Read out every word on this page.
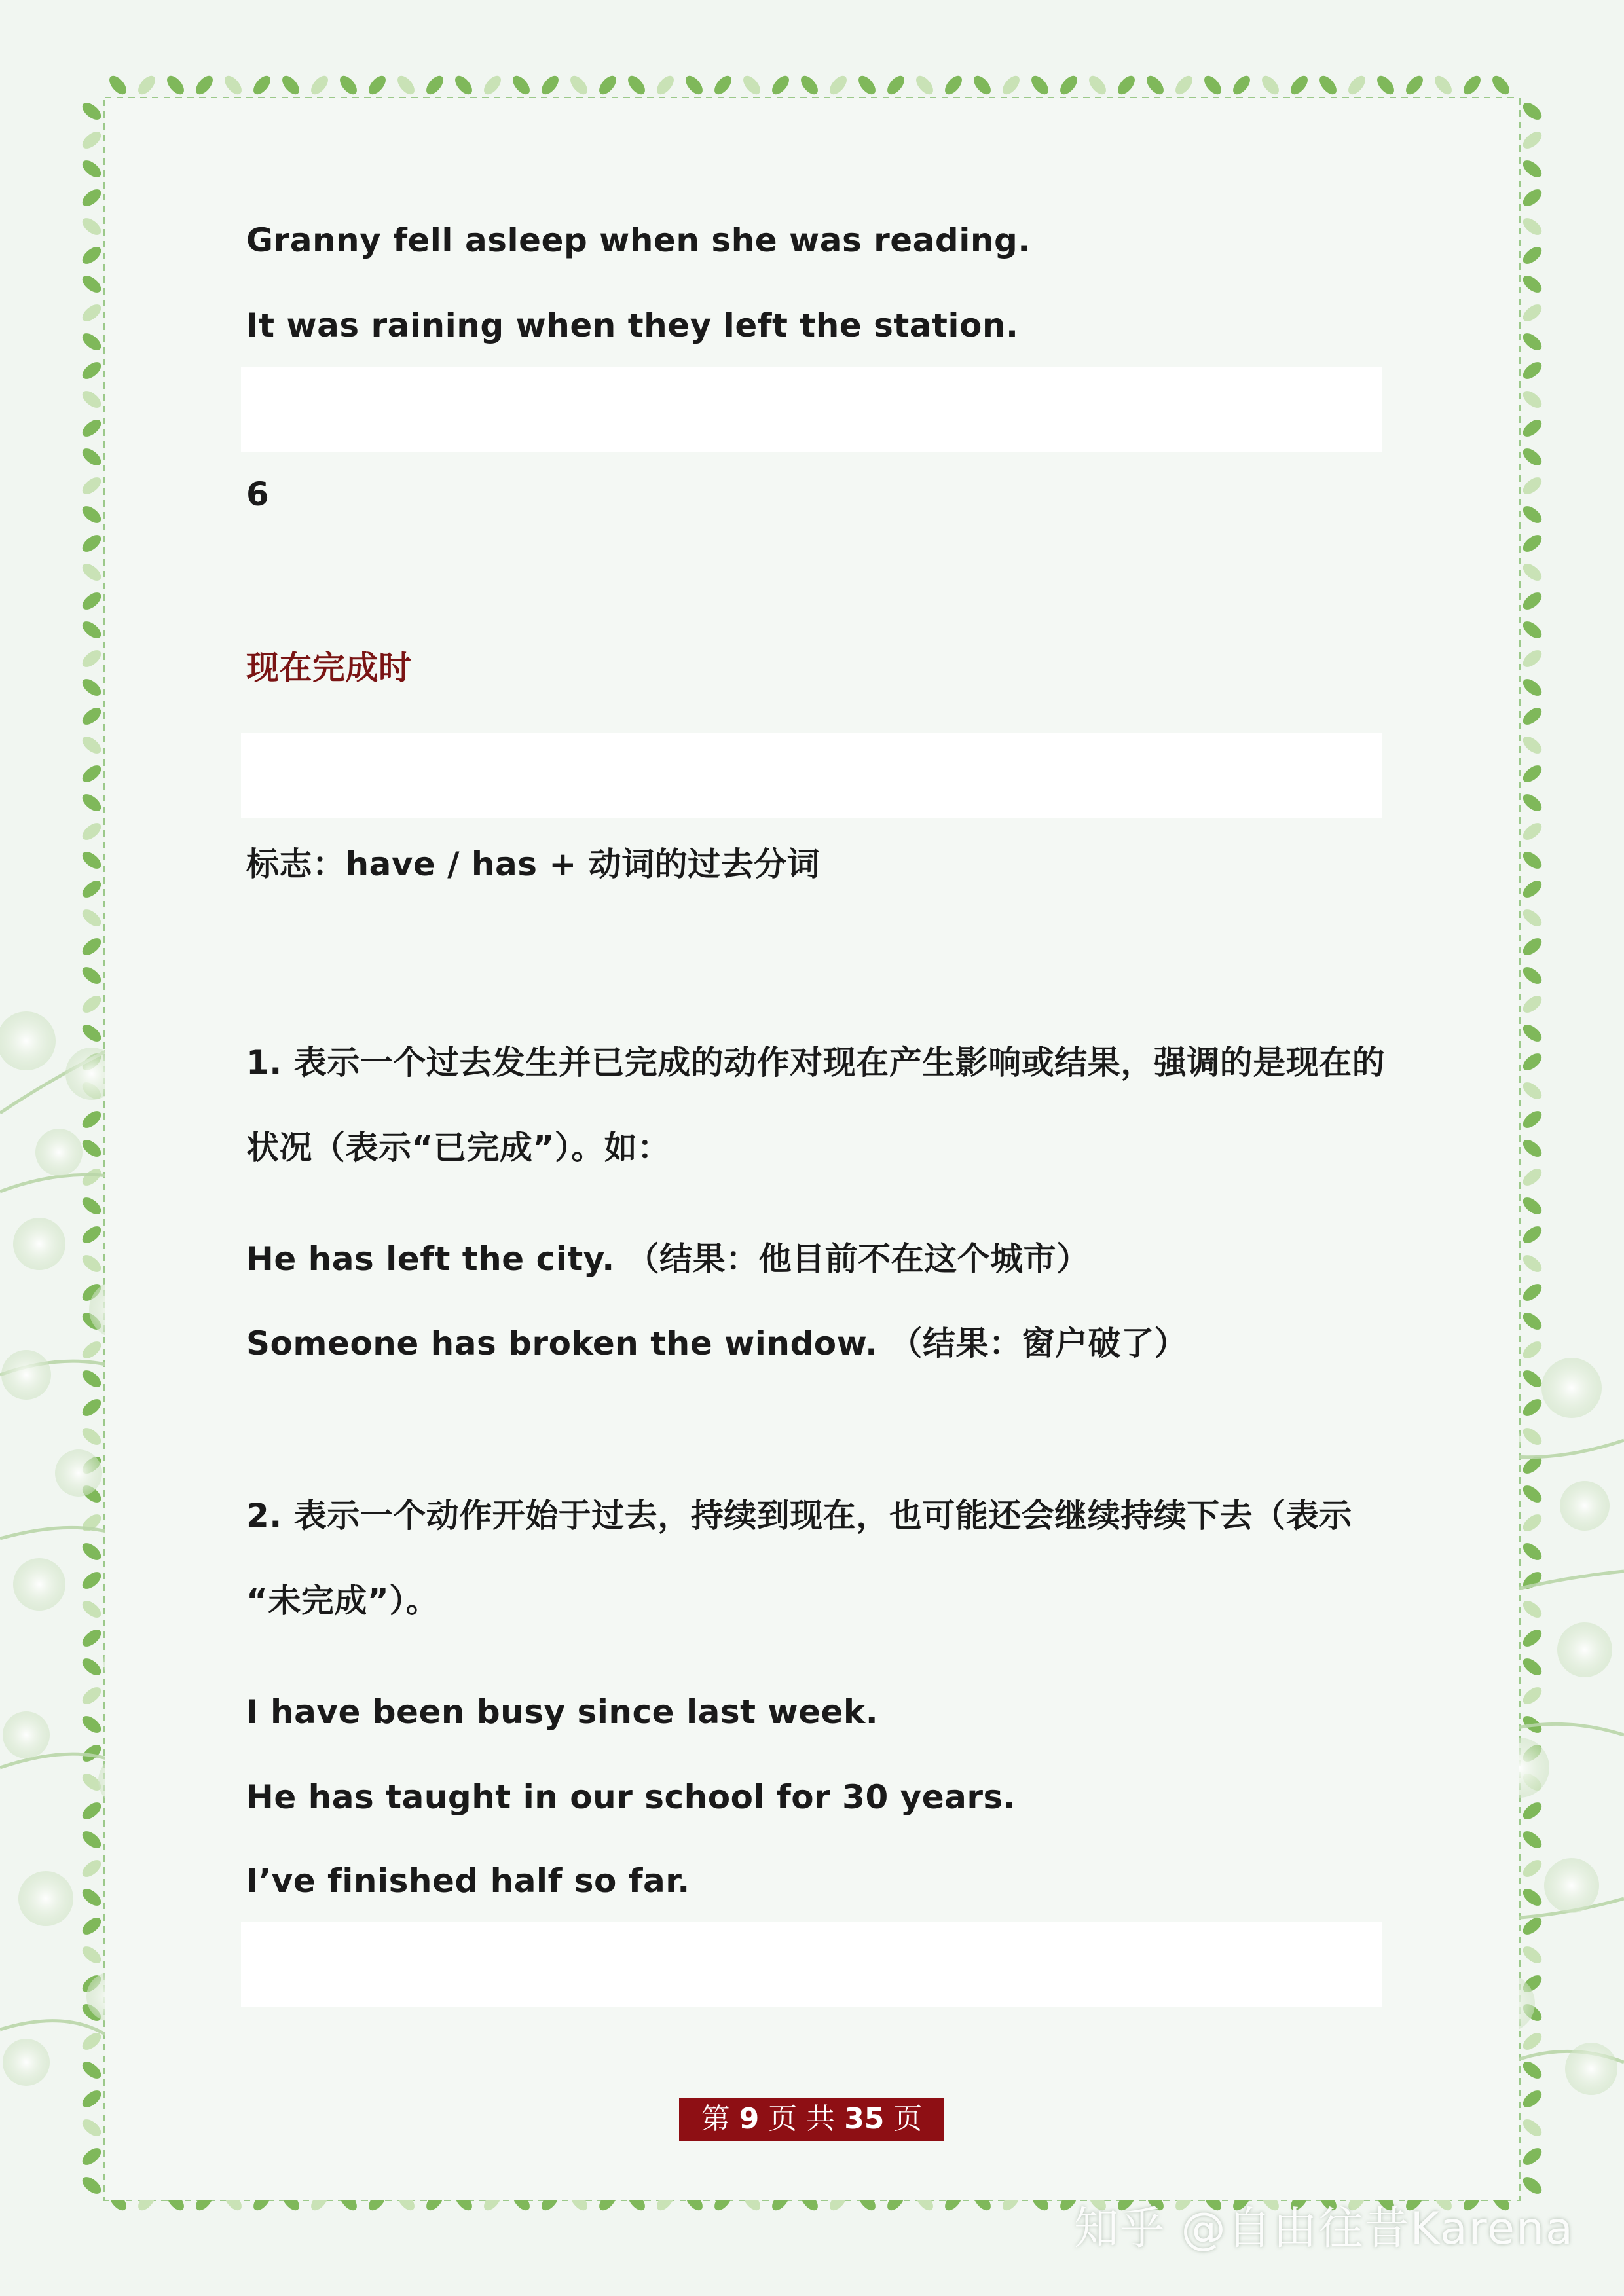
Granny fell asleep when she was reading.

It was raining when they left the station.

6

现在完成时

标志：have / has + 动词的过去分词

1. 表示一个过去发生并已完成的动作对现在产生影响或结果，强调的是现在的

状况（表示“已完成”）。如：

He has left the city. （结果：他目前不在这个城市）

Someone has broken the window. （结果：窗户破了）

2. 表示一个动作开始于过去，持续到现在，也可能还会继续持续下去（表示

“未完成”）。

I have been busy since last week.

He has taught in our school for 30 years.

I’ve finished half so far.

第 9 页 共 35 页
知乎 @自由往昔Karena
